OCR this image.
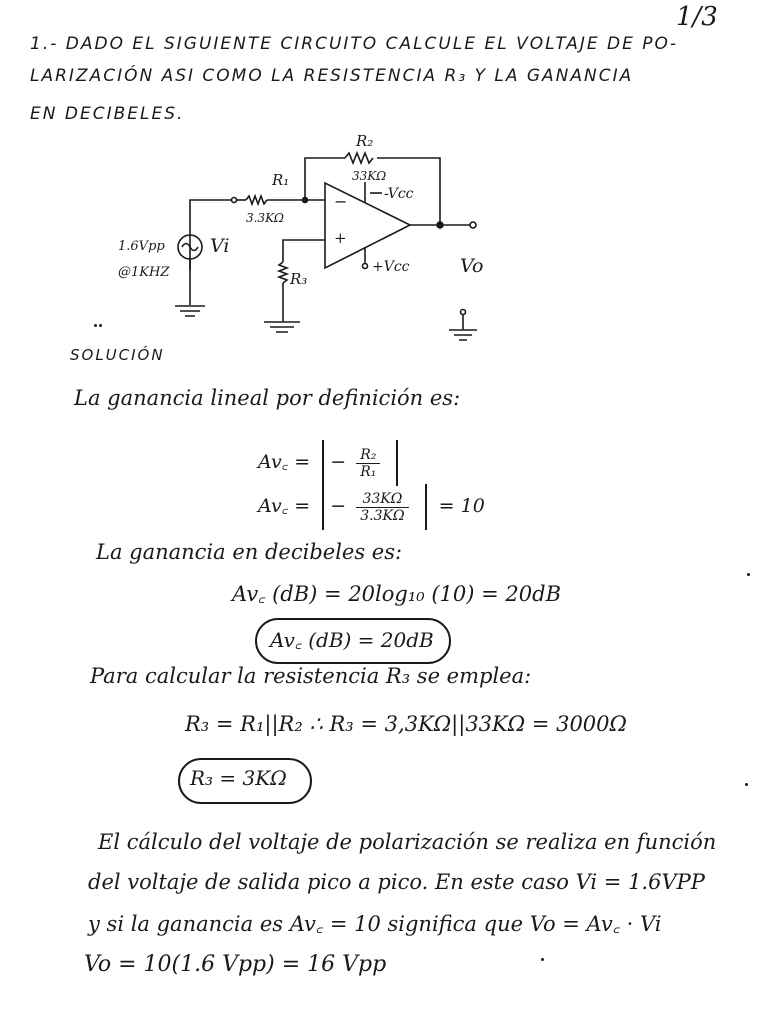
1/3
1.- DADO EL SIGUIENTE CIRCUITO CALCULE EL VOLTAJE DE PO-
LARIZACIÓN ASI COMO LA RESISTENCIA R₃ Y LA GANANCIA
EN DECIBELES.
R₂
33KΩ
R₁
3.3KΩ
−
+
-Vcc
+Vcc
R₃
1.6Vpp
@1KHZ
Vi
Vo
SOLUCIÓN
La ganancia lineal por definición es:
Av꜀ = − $\frac{\text{R₂}}{\text{R₁}}$

Av꜀ = − $\frac{33K\Omega}{3.3K\Omega} = 10$
La ganancia en decibeles es:
Av꜀ (dB) = 20log₁₀ (10) = 20dB
Av꜀ (dB) = 20dB
Para calcular la resistencia R₃ se emplea:
R₃ = R₁||R₂ ∴ R₃ = 3,3KΩ||33KΩ = 3000Ω
R₃ = 3KΩ
El cálculo del voltaje de polarización se realiza en función
del voltaje de salida pico a pico. En este caso Vi = 1.6VPP
y si la ganancia es Av꜀ = 10 significa que Vo = Av꜀ · Vi
Vo = 10(1.6 Vpp) = 16 Vpp
